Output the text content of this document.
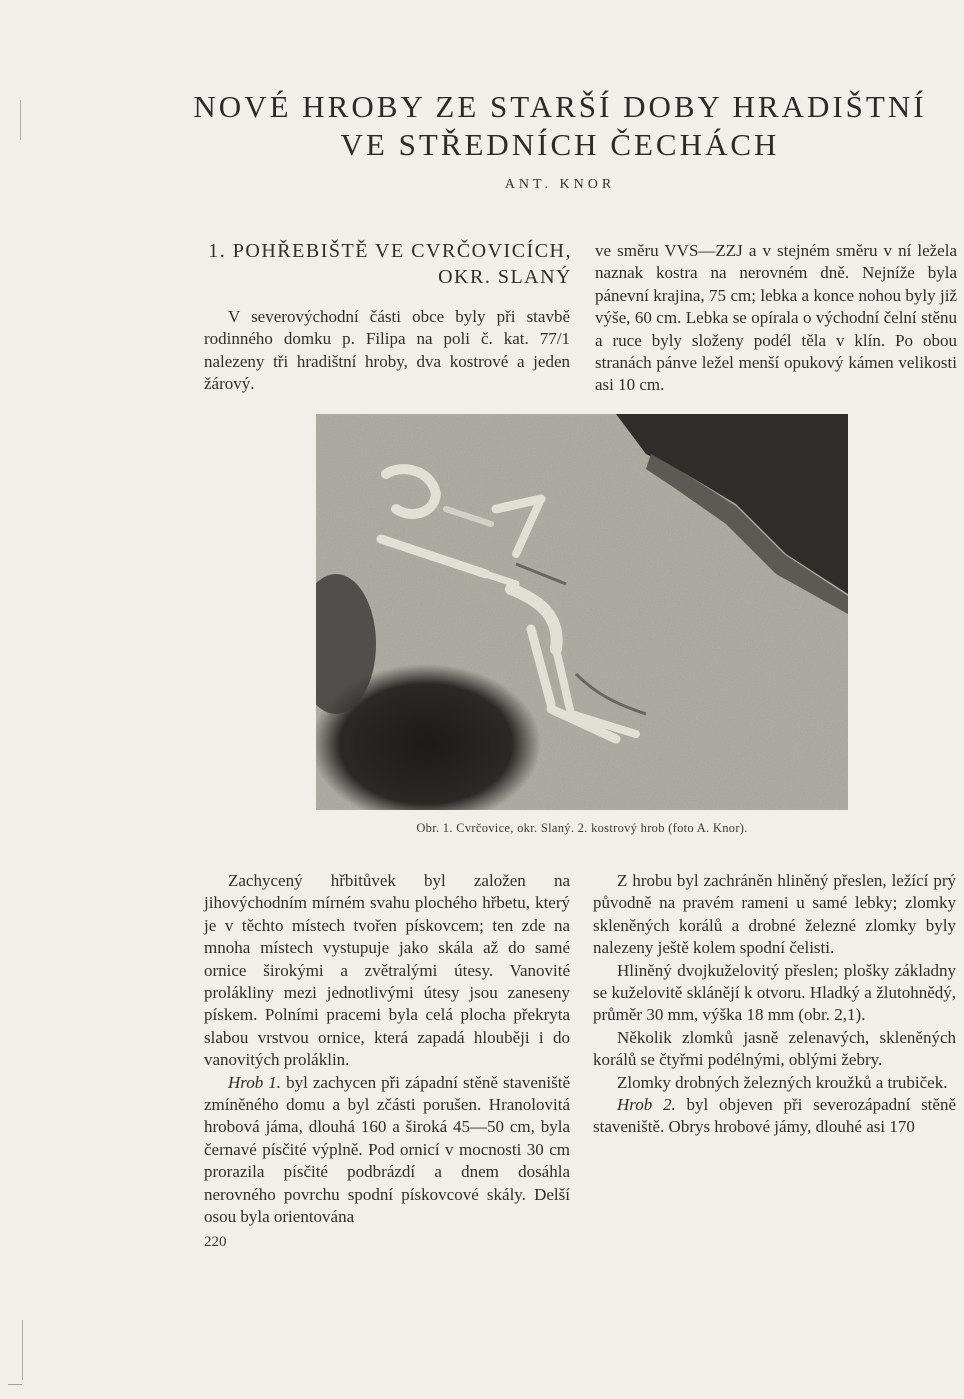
NOVÉ HROBY ZE STARŠÍ DOBY HRADIŠTNÍ
VE STŘEDNÍCH ČECHÁCH
ANT. KNOR
1. POHŘEBIŠTĚ VE CVRČOVICÍCH,
OKR. SLANÝ

V severovýchodní části obce byly při stavbě rodinného domku p. Filipa na poli č. kat. 77/1 nalezeny tři hradištní hroby, dva kostrové a jeden žárový.

ve směru VVS—ZZJ a v stejném směru v ní ležela naznak kostra na nerovném dně. Nejníže byla pánevní krajina, 75 cm; lebka a konce nohou byly již výše, 60 cm. Lebka se opírala o východní čelní stěnu a ruce byly složeny podél těla v klín. Po obou stranách pánve ležel menší opukový kámen velikosti asi 10 cm.

Obr. 1. Cvrčovice, okr. Slaný. 2. kostrový hrob (foto A. Knor).

Zachycený hřbitůvek byl založen na jihovýchodním mírném svahu plochého hřbetu, který je v těchto místech tvořen pískovcem; ten zde na mnoha místech vystupuje jako skála až do samé ornice širokými a zvětralými útesy. Vanovité prolákliny mezi jednotlivými útesy jsou zaneseny pískem. Polními pracemi byla celá plocha překryta slabou vrstvou ornice, která zapadá hlouběji i do vanovitých proláklin.

Hrob 1. byl zachycen při západní stěně staveniště zmíněného domu a byl zčásti porušen. Hranolovitá hrobová jáma, dlouhá 160 a široká 45—50 cm, byla černavé písčité výplně. Pod ornicí v mocnosti 30 cm prorazila písčité podbrázdí a dnem dosáhla nerovného povrchu spodní pískovcové skály. Delší osou byla orientována

Z hrobu byl zachráněn hliněný přeslen, ležící prý původně na pravém rameni u samé lebky; zlomky skleněných korálů a drobné železné zlomky byly nalezeny ještě kolem spodní čelisti.

Hliněný dvojkuželovitý přeslen; plošky základny se kuželovitě sklánějí k otvoru. Hladký a žlutohnědý, průměr 30 mm, výška 18 mm (obr. 2,1).

Několik zlomků jasně zelenavých, skleněných korálů se čtyřmi podélnými, oblými žebry.

Zlomky drobných železných kroužků a trubiček.

Hrob 2. byl objeven při severozápadní stěně staveniště. Obrys hrobové jámy, dlouhé asi 170

220
